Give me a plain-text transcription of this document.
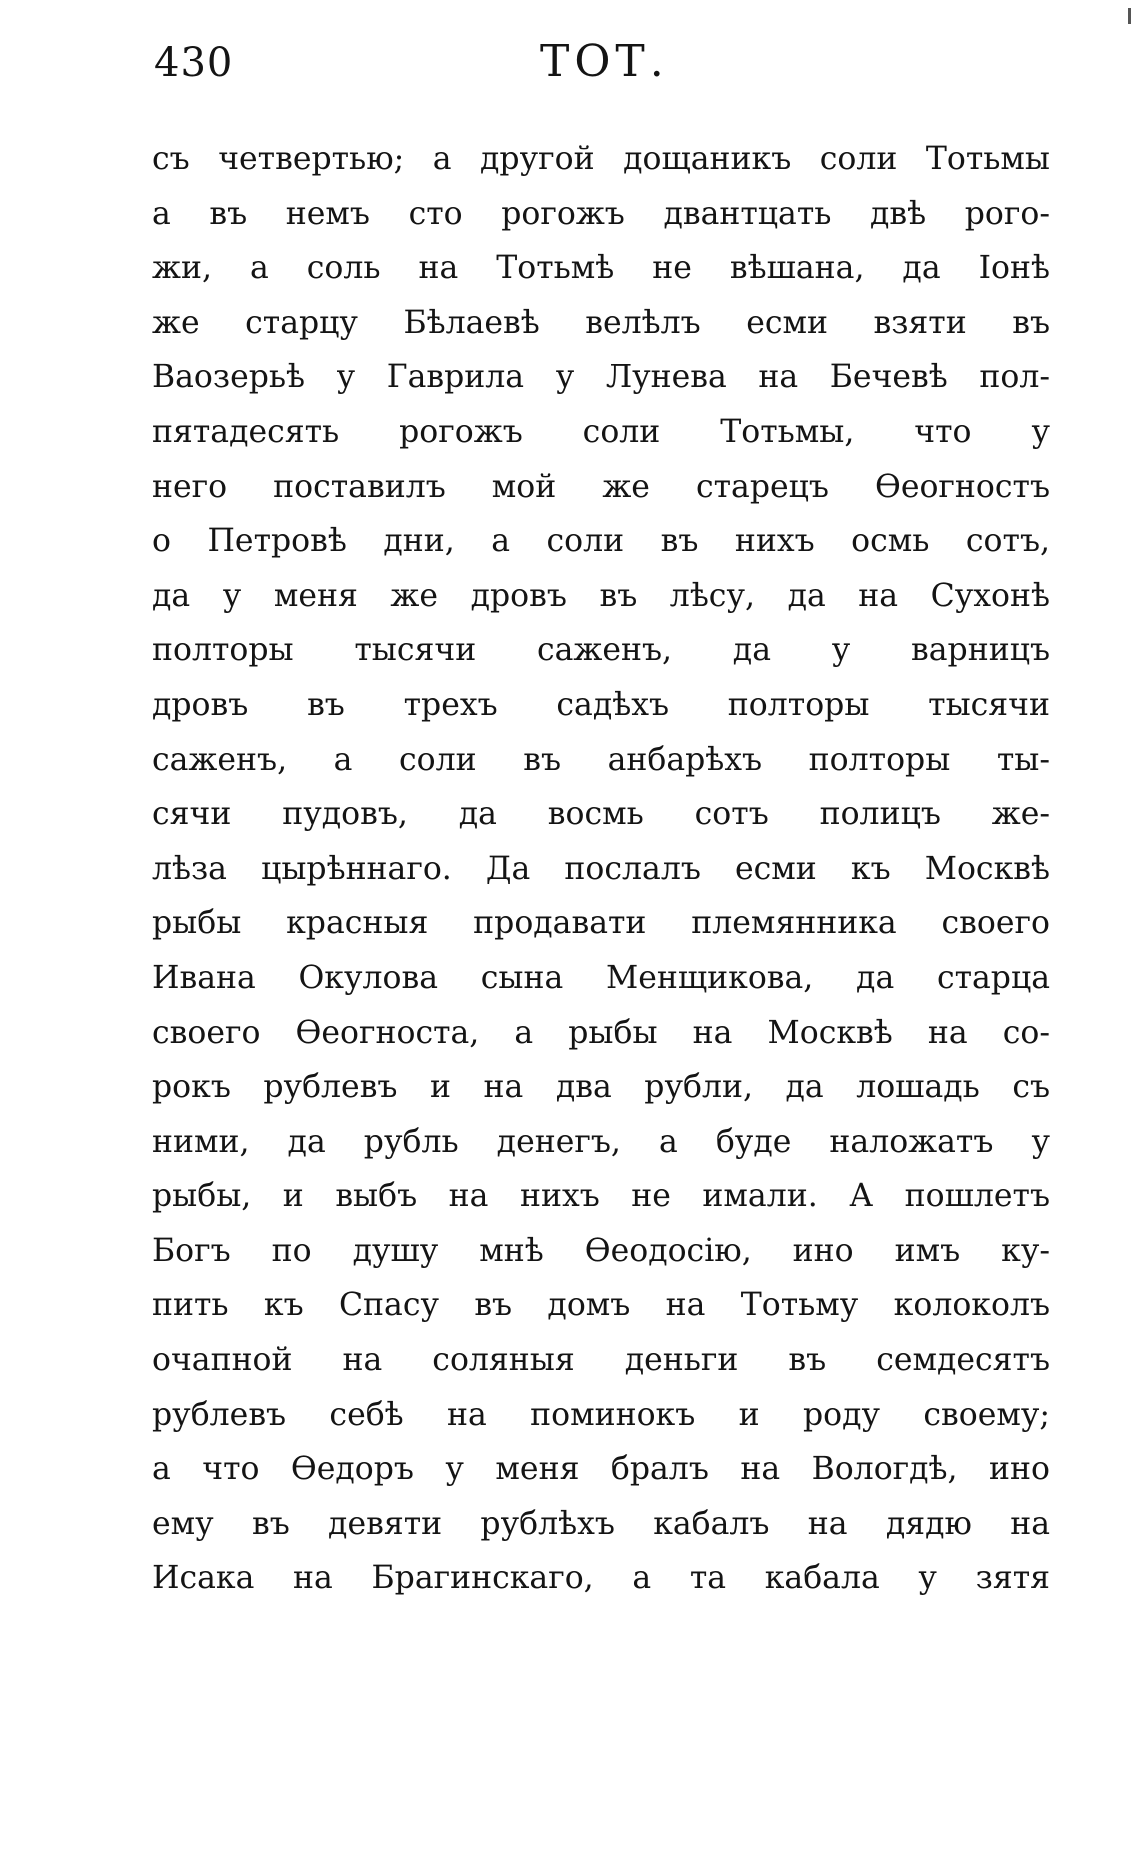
430	ТОТ.
съ четвертью; а другой дощаникъ соли Тотьмы
а въ немъ сто рогожъ двантцать двѣ рого-
жи, а соль на Тотьмѣ не вѣшана, да Іонѣ
же старцу Бѣлаевѣ велѣлъ есми взяти въ
Ваозерьѣ у Гаврила у Лунева на Бечевѣ пол-
пятадесять рогожъ соли Тотьмы, что у
него поставилъ мой же старецъ Ѳеогностъ
о Петровѣ дни, а соли въ нихъ осмь сотъ,
да у меня же дровъ въ лѣсу, да на Сухонѣ
полторы тысячи саженъ, да у варницъ
дровъ въ трехъ садѣхъ полторы тысячи
саженъ, а соли въ анбарѣхъ полторы ты-
сячи пудовъ, да восмь сотъ полицъ же-
лѣза цырѣннаго. Да послалъ есми къ Москвѣ
рыбы красныя продавати племянника своего
Ивана Окулова сына Менщикова, да старца
своего Ѳеогноста, а рыбы на Москвѣ на со-
рокъ рублевъ и на два рубли, да лошадь съ
ними, да рубль денегъ, а буде наложатъ у
рыбы, и выбъ на нихъ не имали. А пошлетъ
Богъ по душу мнѣ Ѳеодосію, ино имъ ку-
пить къ Спасу въ домъ на Тотьму колоколъ
очапной на соляныя деньги въ семдесятъ
рублевъ себѣ на поминокъ и роду своему;
а что Ѳедоръ у меня бралъ на Вологдѣ, ино
ему въ девяти рублѣхъ кабалъ на дядю на
Исака на Брагинскаго, а та кабала у зятя
